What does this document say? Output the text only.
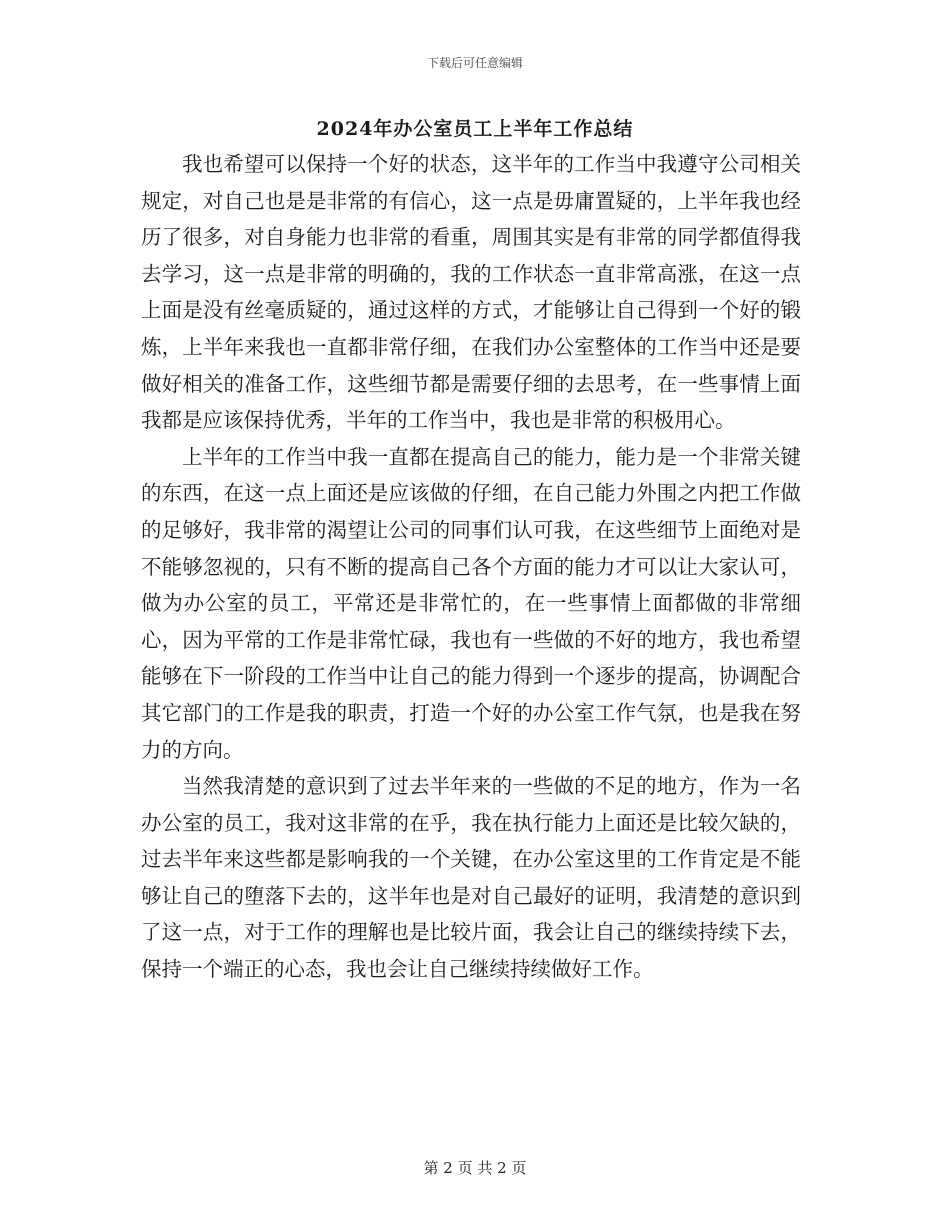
下载后可任意编辑
2024年办公室员工上半年工作总结

我也希望可以保持一个好的状态，这半年的工作当中我遵守公司相关规定，对自己也是是非常的有信心，这一点是毋庸置疑的，上半年我也经历了很多，对自身能力也非常的看重，周围其实是有非常的同学都值得我去学习，这一点是非常的明确的，我的工作状态一直非常高涨，在这一点上面是没有丝毫质疑的，通过这样的方式，才能够让自己得到一个好的锻炼，上半年来我也一直都非常仔细，在我们办公室整体的工作当中还是要做好相关的准备工作，这些细节都是需要仔细的去思考，在一些事情上面我都是应该保持优秀，半年的工作当中，我也是非常的积极用心。

上半年的工作当中我一直都在提高自己的能力，能力是一个非常关键的东西，在这一点上面还是应该做的仔细，在自己能力外围之内把工作做的足够好，我非常的渴望让公司的同事们认可我，在这些细节上面绝对是不能够忽视的，只有不断的提高自己各个方面的能力才可以让大家认可，做为办公室的员工，平常还是非常忙的，在一些事情上面都做的非常细心，因为平常的工作是非常忙碌，我也有一些做的不好的地方，我也希望能够在下一阶段的工作当中让自己的能力得到一个逐步的提高，协调配合其它部门的工作是我的职责，打造一个好的办公室工作气氛，也是我在努力的方向。

当然我清楚的意识到了过去半年来的一些做的不足的地方，作为一名办公室的员工，我对这非常的在乎，我在执行能力上面还是比较欠缺的，过去半年来这些都是影响我的一个关键，在办公室这里的工作肯定是不能够让自己的堕落下去的，这半年也是对自己最好的证明，我清楚的意识到了这一点，对于工作的理解也是比较片面，我会让自己的继续持续下去，保持一个端正的心态，我也会让自己继续持续做好工作。

第 2 页 共 2 页
